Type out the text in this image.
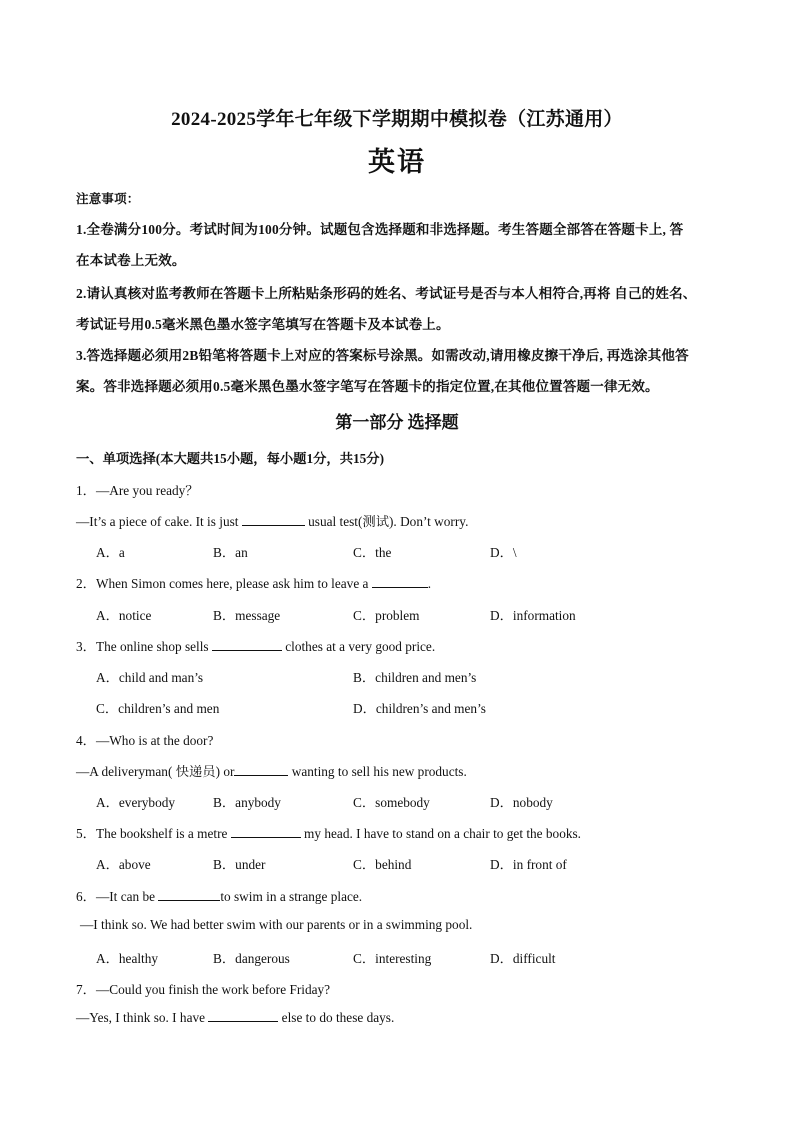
2024-2025学年七年级下学期期中模拟卷（江苏通用）
英语
注意事项：
1.全卷满分100分。考试时间为100分钟。试题包含选择题和非选择题。考生答题全部答在答题卡上, 答
在本试卷上无效。
2.请认真核对监考教师在答题卡上所粘贴条形码的姓名、考试证号是否与本人相符合,再将 自己的姓名、
考试证号用0.5毫米黑色墨水签字笔填写在答题卡及本试卷上。
3.答选择题必须用2B铅笔将答题卡上对应的答案标号涂黑。如需改动,请用橡皮擦干净后, 再选涂其他答
案。答非选择题必须用0.5毫米黑色墨水签字笔写在答题卡的指定位置,在其他位置答题一律无效。
第一部分 选择题
一、单项选择(本大题共15小题，每小题1分，共15分)
1．—Are you ready？
—It’s a piece of cake. It is just	usual test(测试). Don’t worry.
A．a	B．an	C．the	D．\
2．When Simon comes here, please ask him to leave a	.
A．notice	B．message	C．problem	D．information
3．The online shop sells	clothes at a very good price.
A．child and man’s	B．children and men’s
C．children’s and men	D．children’s and men’s
4．—Who is at the door?
—A deliveryman( 快递员) or	wanting to sell his new products.
A．everybody	B．anybody	C．somebody	D．nobody
5．The bookshelf is a metre	my head. I have to stand on a chair to get the books.
A．above	B．under	C．behind	D．in front of
6．—It can be	to swim in a strange place.
—I think so. We had better swim with our parents or in a swimming pool.
A．healthy	B．dangerous	C．interesting	D．difficult
7．—Could you finish the work before Friday?
—Yes, I think so. I have	else to do these days.
